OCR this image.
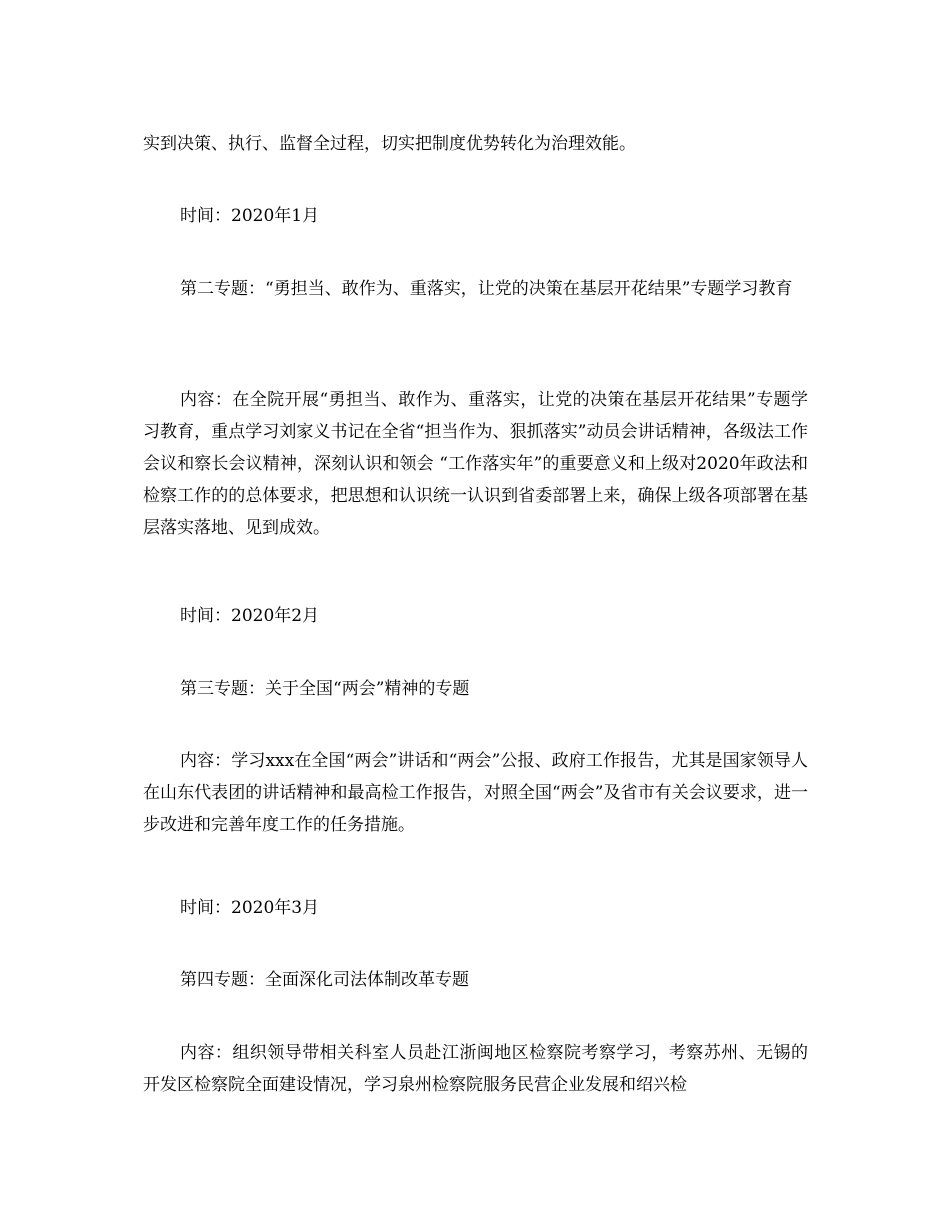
实到决策、执行、监督全过程，切实把制度优势转化为治理效能。

时间：2020年1月

第二专题：“勇担当、敢作为、重落实，让党的决策在基层开花结果”专题学习教育

内容：在全院开展“勇担当、敢作为、重落实，让党的决策在基层开花结果”专题学习教育，重点学习刘家义书记在全省“担当作为、狠抓落实”动员会讲话精神，各级法工作会议和察长会议精神，深刻认识和领会 “工作落实年”的重要意义和上级对2020年政法和检察工作的的总体要求，把思想和认识统一认识到省委部署上来，确保上级各项部署在基层落实落地、见到成效。

时间：2020年2月

第三专题：关于全国“两会”精神的专题

内容：学习xxx在全国“两会”讲话和“两会”公报、政府工作报告，尤其是国家领导人在山东代表团的讲话精神和最高检工作报告，对照全国“两会”及省市有关会议要求，进一步改进和完善年度工作的任务措施。

时间：2020年3月

第四专题：全面深化司法体制改革专题

内容：组织领导带相关科室人员赴江浙闽地区检察院考察学习，考察苏州、无锡的开发区检察院全面建设情况，学习泉州检察院服务民营企业发展和绍兴检
